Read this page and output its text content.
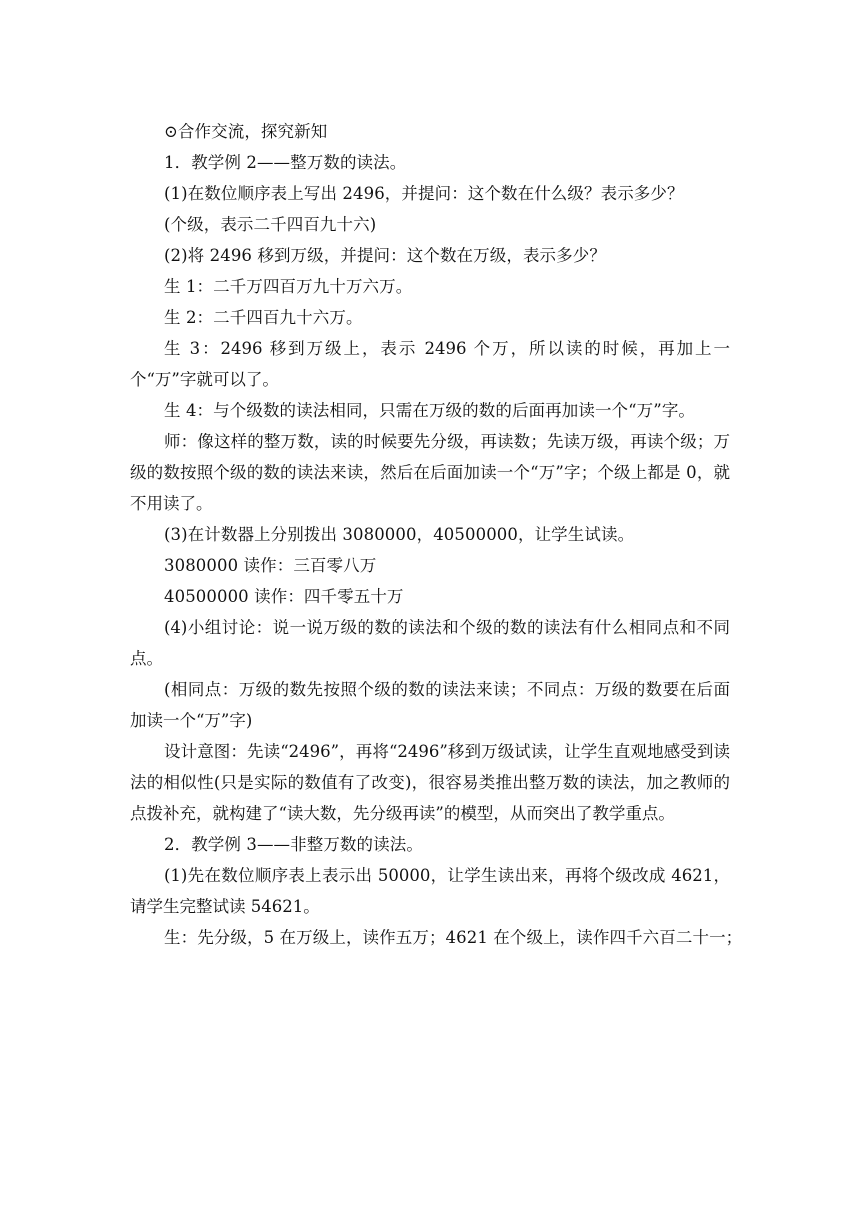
⊙合作交流，探究新知
1．教学例 2——整万数的读法。
(1)在数位顺序表上写出 2496，并提问：这个数在什么级？表示多少？
(个级，表示二千四百九十六)
(2)将 2496 移到万级，并提问：这个数在万级，表示多少？
生 1：二千万四百万九十万六万。
生 2：二千四百九十六万。
生 3：2496 移到万级上，表示 2496 个万，所以读的时候，再加上一个“万”字就可以了。
生 4：与个级数的读法相同，只需在万级的数的后面再加读一个“万”字。
师：像这样的整万数，读的时候要先分级，再读数；先读万级，再读个级；万级的数按照个级的数的读法来读，然后在后面加读一个“万”字；个级上都是 0，就不用读了。
(3)在计数器上分别拨出 3080000，40500000，让学生试读。
3080000 读作：三百零八万
40500000 读作：四千零五十万
(4)小组讨论：说一说万级的数的读法和个级的数的读法有什么相同点和不同点。
(相同点：万级的数先按照个级的数的读法来读；不同点：万级的数要在后面加读一个“万”字)
设计意图：先读“2496”，再将“2496”移到万级试读，让学生直观地感受到读法的相似性(只是实际的数值有了改变)，很容易类推出整万数的读法，加之教师的点拨补充，就构建了“读大数，先分级再读”的模型，从而突出了教学重点。
2．教学例 3——非整万数的读法。
(1)先在数位顺序表上表示出 50000，让学生读出来，再将个级改成 4621，请学生完整试读 54621。
生：先分级，5 在万级上，读作五万；4621 在个级上，读作四千六百二十一；
